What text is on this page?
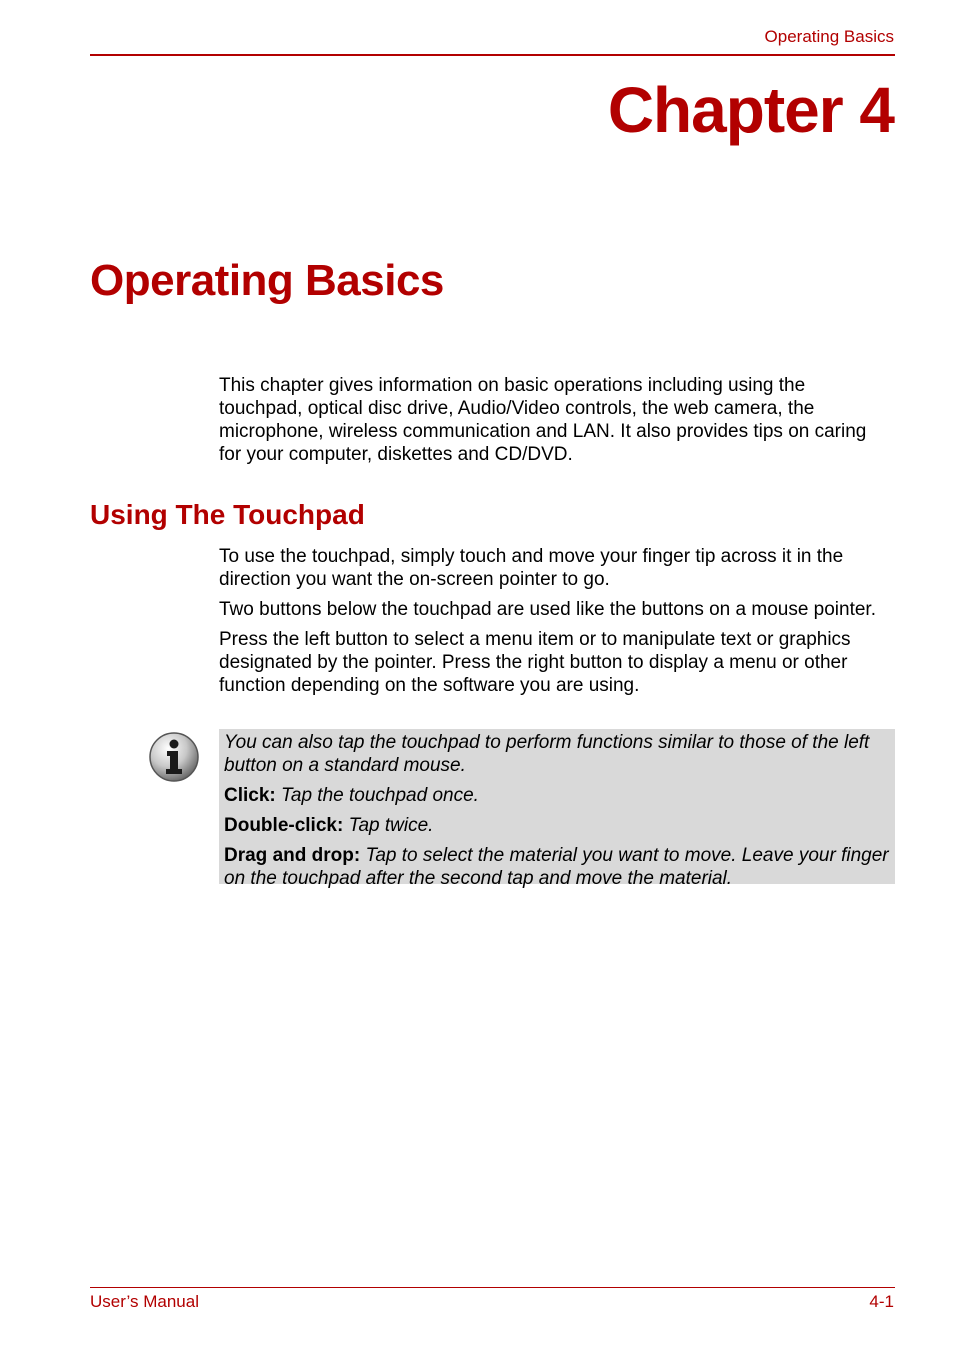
Operating Basics
Chapter 4
Operating Basics

This chapter gives information on basic operations including using the touchpad, optical disc drive, Audio/Video controls, the web camera, the microphone, wireless communication and LAN. It also provides tips on caring for your computer, diskettes and CD/DVD.

Using The Touchpad

To use the touchpad, simply touch and move your finger tip across it in the direction you want the on-screen pointer to go.

Two buttons below the touchpad are used like the buttons on a mouse pointer.

Press the left button to select a menu item or to manipulate text or graphics designated by the pointer. Press the right button to display a menu or other function depending on the software you are using.

You can also tap the touchpad to perform functions similar to those of the left button on a standard mouse.

Click: Tap the touchpad once.

Double-click: Tap twice.

Drag and drop: Tap to select the material you want to move. Leave your finger on the touchpad after the second tap and move the material.

User’s Manual	4-1
